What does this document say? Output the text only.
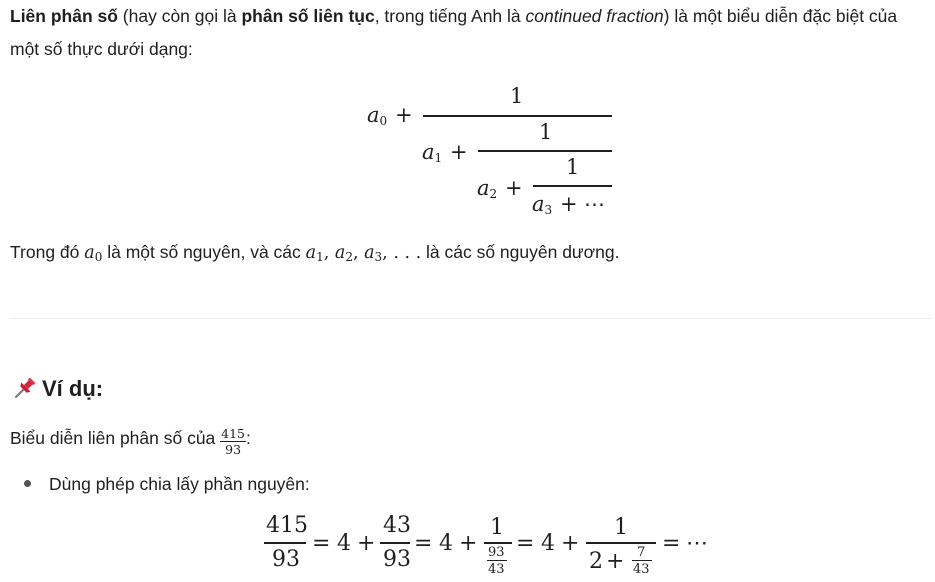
Liên phân số (hay còn gọi là phân số liên tục, trong tiếng Anh là continued fraction) là một biểu diễn đặc biệt của một số thực dưới dạng:

$a_0$ +
1
$a_1$ +
1
$a_2$ +
1
$a_3$ + ⋯

Trong đó $a_0$ là một số nguyên, và các $a_1$, $a_2$, $a_3$, . . . là các số nguyên dương.

Ví dụ:
Biểu diễn liên phân số của $\frac{415}{93}$ :
Dùng phép chia lấy phần nguyên:
415
93
= 4 +
43
93
= 4 +
1
93
43
= 4 +
1
2 + 7
43
= ⋯
